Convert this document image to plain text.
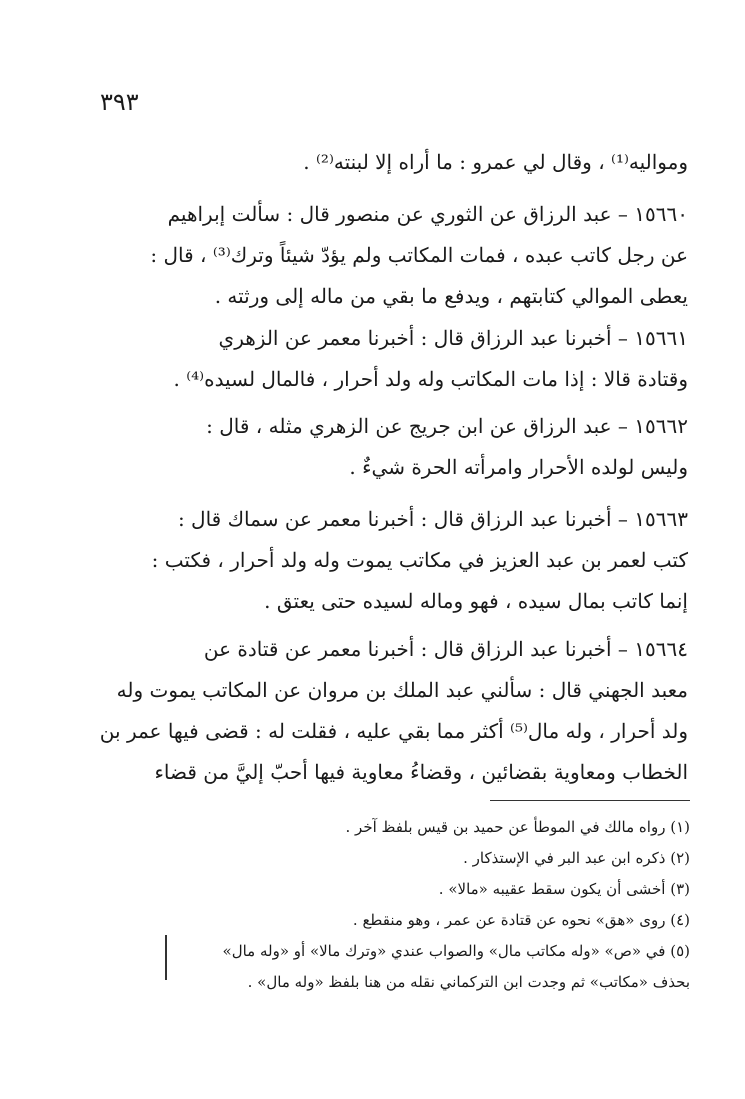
٣٩٣
ومواليه⁽¹⁾ ، وقال لي عمرو : ما أراه إلا لبنته⁽²⁾ .
١٥٦٦٠ – عبد الرزاق عن الثوري عن منصور قال : سألت إبراهيم
عن رجل كاتب عبده ، فمات المكاتب ولم يؤدّ شيئاً وترك⁽³⁾ ، قال :
يعطى الموالي كتابتهم ، ويدفع ما بقي من ماله إلى ورثته .
١٥٦٦١ – أخبرنا عبد الرزاق قال : أخبرنا معمر عن الزهري
وقتادة قالا : إذا مات المكاتب وله ولد أحرار ، فالمال لسيده⁽⁴⁾ .
١٥٦٦٢ – عبد الرزاق عن ابن جريج عن الزهري مثله ، قال :
وليس لولده الأحرار وامرأته الحرة شيءٌ .
١٥٦٦٣ – أخبرنا عبد الرزاق قال : أخبرنا معمر عن سماك قال :
كتب لعمر بن عبد العزيز في مكاتب يموت وله ولد أحرار ، فكتب :
إنما كاتب بمال سيده ، فهو وماله لسيده حتى يعتق .
١٥٦٦٤ – أخبرنا عبد الرزاق قال : أخبرنا معمر عن قتادة عن
معبد الجهني قال : سألني عبد الملك بن مروان عن المكاتب يموت وله
ولد أحرار ، وله مال⁽⁵⁾ أكثر مما بقي عليه ، فقلت له : قضى فيها عمر بن
الخطاب ومعاوية بقضائين ، وقضاءُ معاوية فيها أحبّ إليَّ من قضاء
(١) رواه مالك في الموطأ عن حميد بن قيس بلفظ آخر .
(٢) ذكره ابن عبد البر في الإستذكار .
(٣) أخشى أن يكون سقط عقيبه «مالا» .
(٤) روى «هق» نحوه عن قتادة عن عمر ، وهو منقطع .
(٥) في «ص» «وله مكاتب مال» والصواب عندي «وترك مالا» أو «وله مال»
بحذف «مكاتب» ثم وجدت ابن التركماني نقله من هنا بلفظ «وله مال» .
